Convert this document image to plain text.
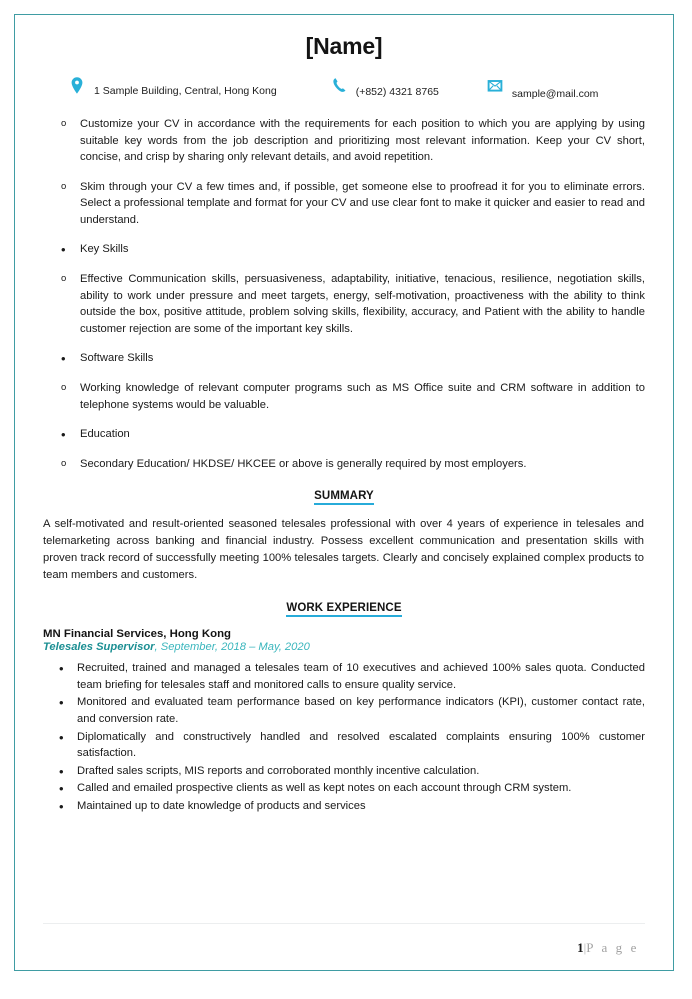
[Name]
1 Sample Building, Central, Hong Kong	(+852) 4321 8765	sample@mail.com
o Customize your CV in accordance with the requirements for each position to which you are applying by using suitable key words from the job description and prioritizing most relevant information. Keep your CV short, concise, and crisp by sharing only relevant details, and avoid repetition.
o Skim through your CV a few times and, if possible, get someone else to proofread it for you to eliminate errors. Select a professional template and format for your CV and use clear font to make it quicker and easier to read and understand.
• Key Skills
o Effective Communication skills, persuasiveness, adaptability, initiative, tenacious, resilience, negotiation skills, ability to work under pressure and meet targets, energy, self-motivation, proactiveness with the ability to think outside the box, positive attitude, problem solving skills, flexibility, accuracy, and Patient with the ability to handle customer rejection are some of the important key skills.
• Software Skills
o Working knowledge of relevant computer programs such as MS Office suite and CRM software in addition to telephone systems would be valuable.
• Education
o Secondary Education/ HKDSE/ HKCEE or above is generally required by most employers.
SUMMARY

A self-motivated and result-oriented seasoned telesales professional with over 4 years of experience in telesales and telemarketing across banking and financial industry. Possess excellent communication and presentation skills with proven track record of successfully meeting 100% telesales targets. Clearly and concisely explained complex products to team members and customers.

WORK EXPERIENCE
MN Financial Services, Hong Kong
Telesales Supervisor, September, 2018 – May, 2020
• Recruited, trained and managed a telesales team of 10 executives and achieved 100% sales quota. Conducted team briefing for telesales staff and monitored calls to ensure quality service.
• Monitored and evaluated team performance based on key performance indicators (KPI), customer contact rate, and conversion rate.
• Diplomatically and constructively handled and resolved escalated complaints ensuring 100% customer satisfaction.
• Drafted sales scripts, MIS reports and corroborated monthly incentive calculation.
• Called and emailed prospective clients as well as kept notes on each account through CRM system.
• Maintained up to date knowledge of products and services
1|P a g e
